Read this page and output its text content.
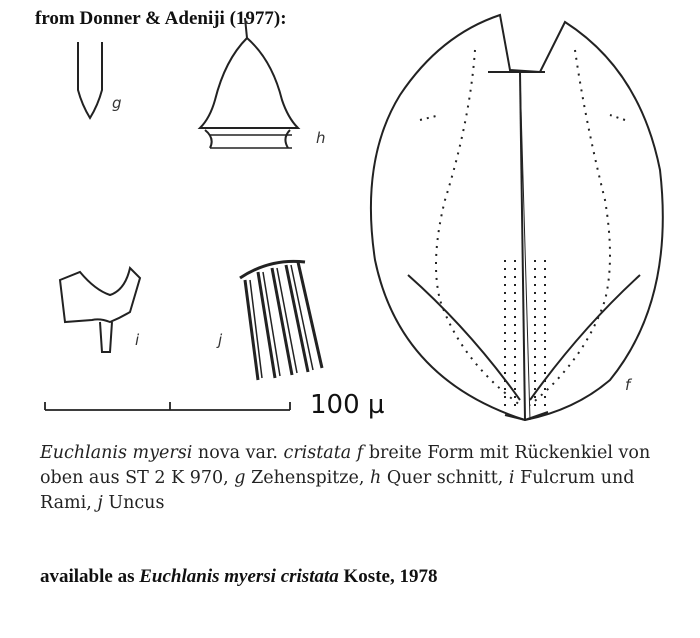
from Donner & Adeniji (1977):
g
h
i	j
f
100 µ
Euchlanis myersi nova var. cristata f breite Form mit Rückenkiel von oben aus ST 2 K 970, g Zehenspitze, h Quer schnitt, i Fulcrum und Rami, j Uncus
available as Euchlanis myersi cristata Koste, 1978
